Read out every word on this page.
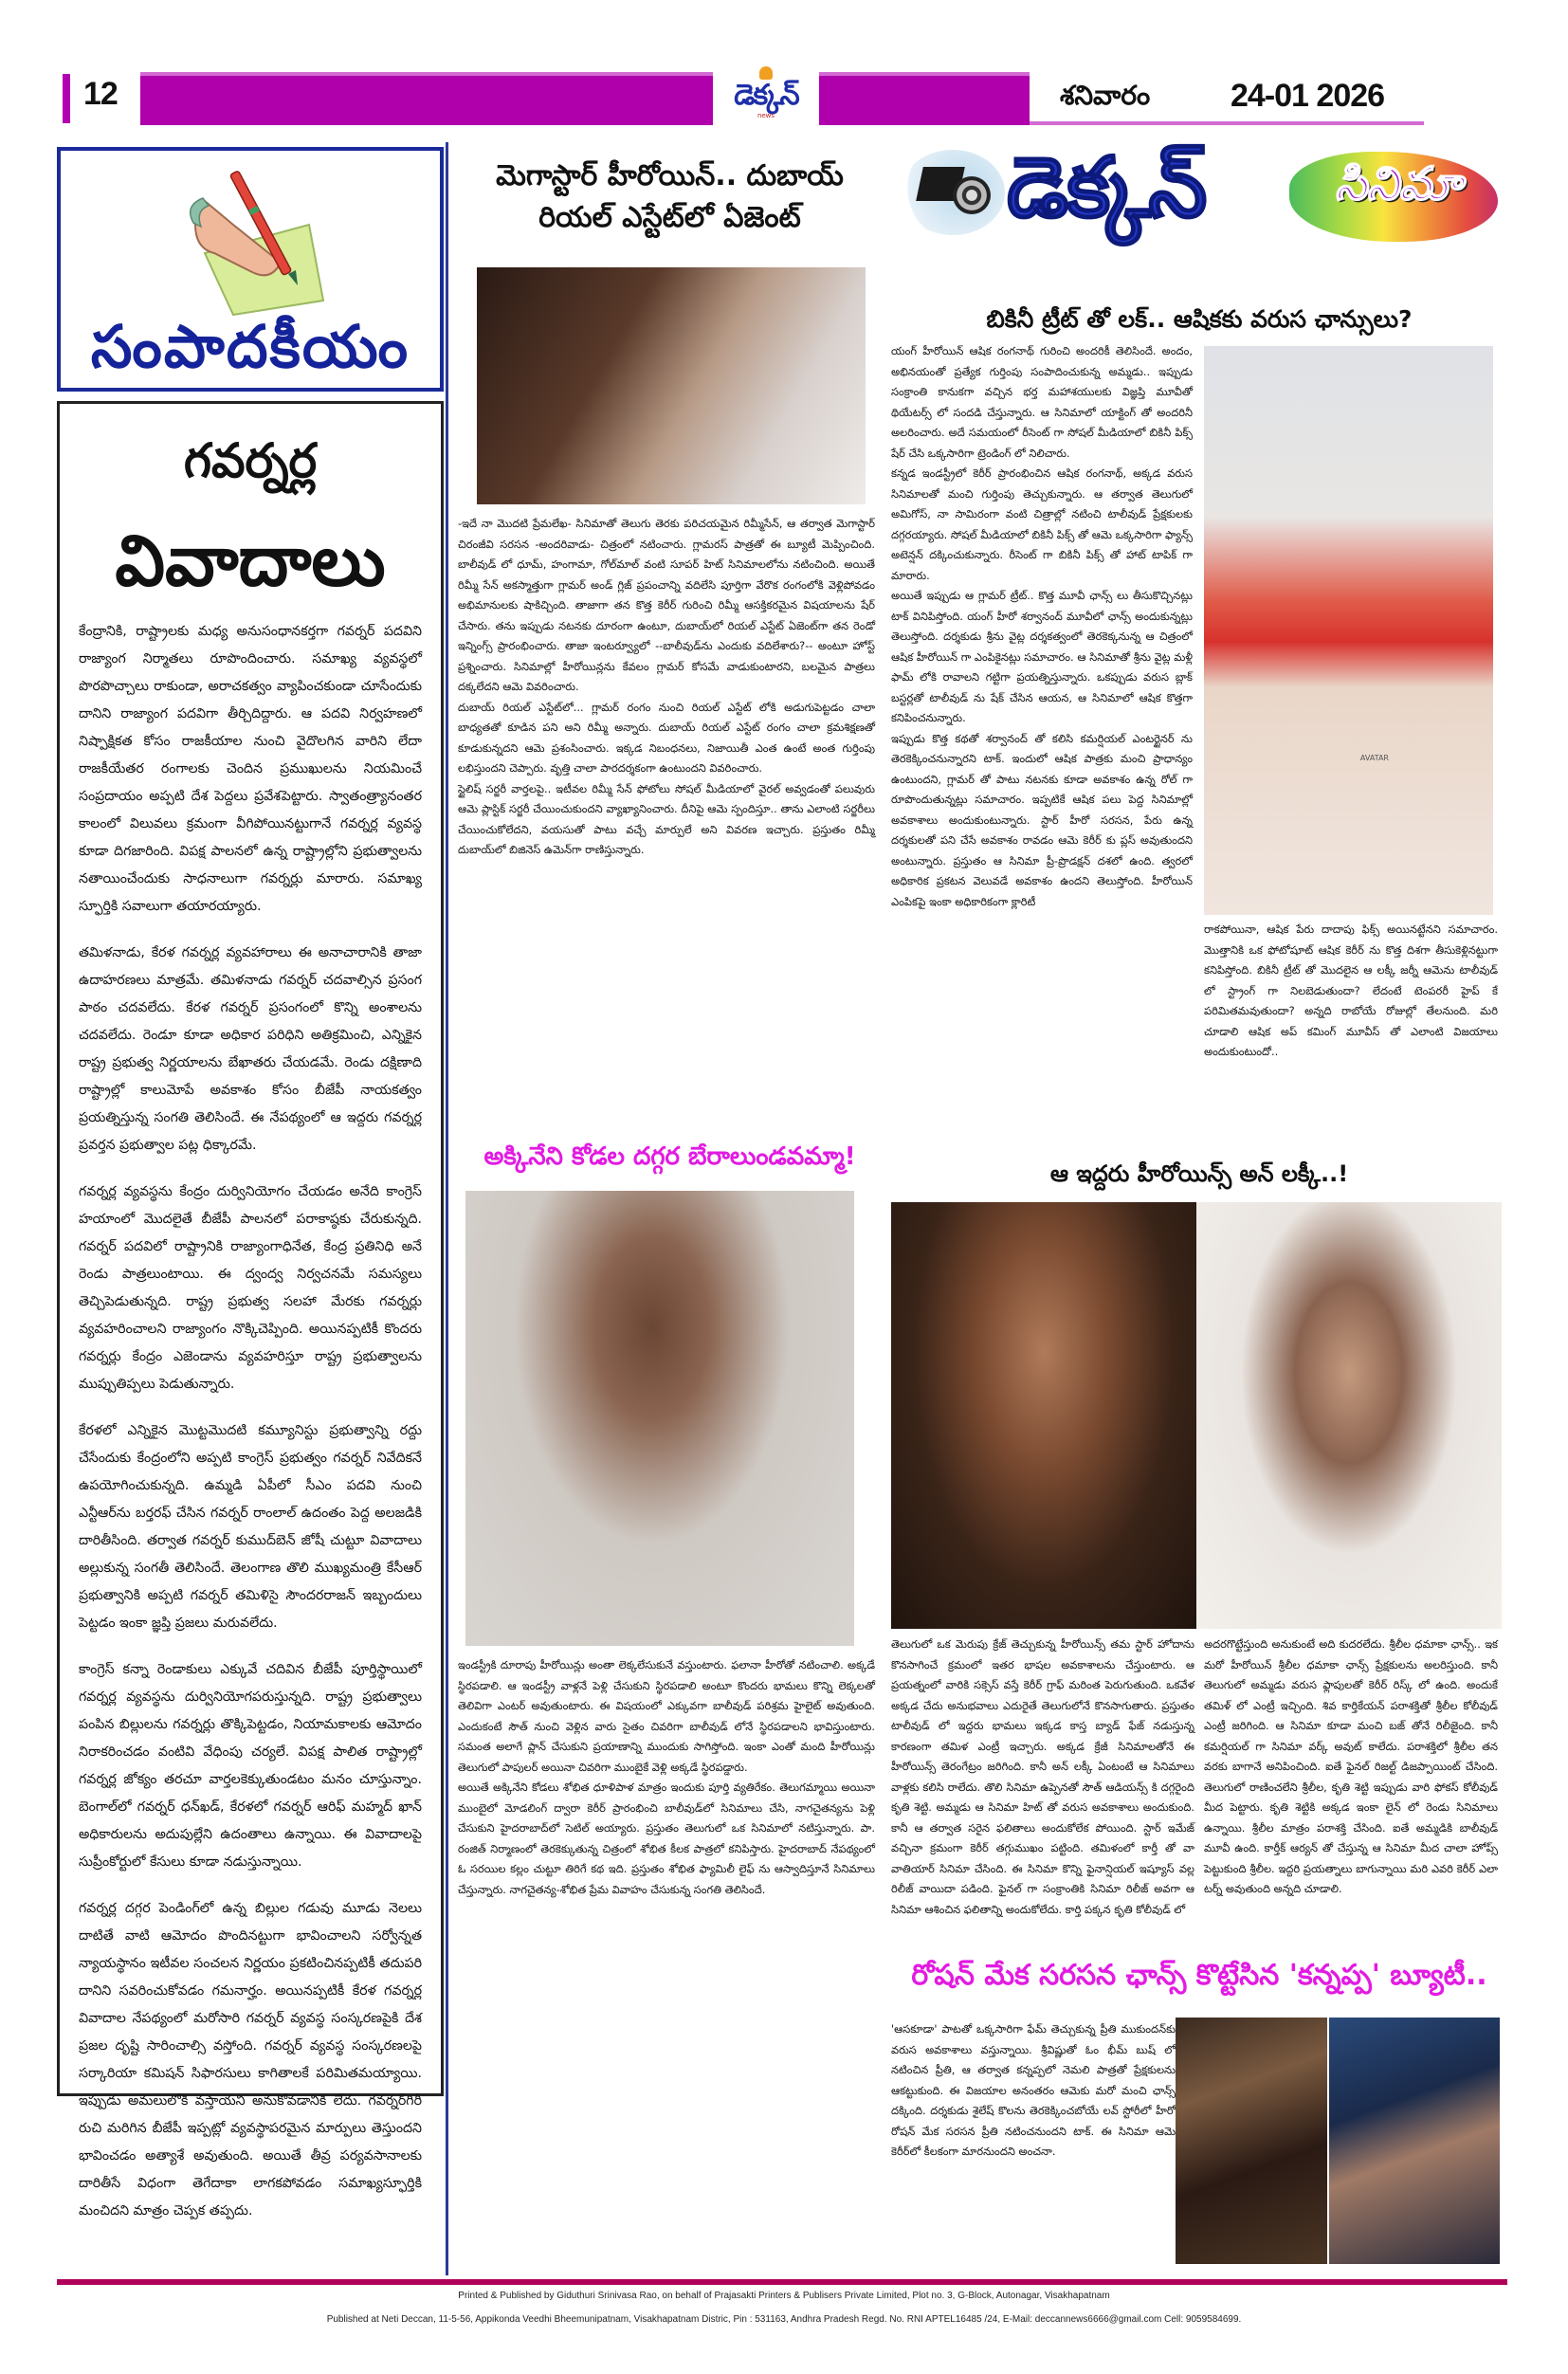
12	డెక్కన్
news
శనివారం 24-01 2026
సంపాదకీయం
గవర్నర్ల
వివాదాలు

కేంద్రానికి, రాష్ట్రాలకు మధ్య అనుసంధానకర్తగా గవర్నర్ పదవిని రాజ్యాంగ నిర్మాతలు రూపొందించారు. సమాఖ్య వ్యవస్థలో పొరపొచ్చాలు రాకుండా, అరాచకత్వం వ్యాపించకుండా చూసేందుకు దానిని రాజ్యాంగ పదవిగా తీర్చిదిద్దారు. ఆ పదవి నిర్వహణలో నిష్పాక్షికత కోసం రాజకీయాల నుంచి వైదొలగిన వారిని లేదా రాజకీయేతర రంగాలకు చెందిన ప్రముఖులను నియమించే సంప్రదాయం అప్పటి దేశ పెద్దలు ప్రవేశపెట్టారు. స్వాతంత్ర్యానంతర కాలంలో విలువలు క్రమంగా వీగిపోయినట్టుగానే గవర్నర్ల వ్యవస్థ కూడా దిగజారింది. విపక్ష పాలనలో ఉన్న రాష్ట్రాల్లోని ప్రభుత్వాలను నతాయించేందుకు సాధనాలుగా గవర్నర్లు మారారు. సమాఖ్య స్ఫూర్తికి సవాలుగా తయారయ్యారు.

తమిళనాడు, కేరళ గవర్నర్ల వ్యవహారాలు ఈ అనాచారానికి తాజా ఉదాహరణలు మాత్రమే. తమిళనాడు గవర్నర్ చదవాల్సిన ప్రసంగ పాఠం చదవలేదు. కేరళ గవర్నర్ ప్రసంగంలో కొన్ని అంశాలను చదవలేదు. రెండూ కూడా అధికార పరిధిని అతిక్రమించి, ఎన్నికైన రాష్ట్ర ప్రభుత్వ నిర్ణయాలను బేఖాతరు చేయడమే. రెండు దక్షిణాది రాష్ట్రాల్లో కాలుమోపే అవకాశం కోసం బీజేపీ నాయకత్వం ప్రయత్నిస్తున్న సంగతి తెలిసిందే. ఈ నేపథ్యంలో ఆ ఇద్దరు గవర్నర్ల ప్రవర్తన ప్రభుత్వాల పట్ల ధిక్కారమే.

గవర్నర్ల వ్యవస్థను కేంద్రం దుర్వినియోగం చేయడం అనేది కాంగ్రెస్ హయాంలో మొదలైతే బీజేపీ పాలనలో పరాకాష్ఠకు చేరుకున్నది. గవర్నర్ పదవిలో రాష్ట్రానికి రాజ్యాంగాధినేత, కేంద్ర ప్రతినిధి అనే రెండు పాత్రలుంటాయి. ఈ ద్వంద్వ నిర్వచనమే సమస్యలు తెచ్చిపెడుతున్నది. రాష్ట్ర ప్రభుత్వ సలహా మేరకు గవర్నర్లు వ్యవహరించాలని రాజ్యాంగం నొక్కిచెప్పింది. అయినప్పటికీ కొందరు గవర్నర్లు కేంద్రం ఎజెండాను వ్యవహరిస్తూ రాష్ట్ర ప్రభుత్వాలను ముప్పుతిప్పలు పెడుతున్నారు.

కేరళలో ఎన్నికైన మొట్టమొదటి కమ్యూనిస్టు ప్రభుత్వాన్ని రద్దు చేసేందుకు కేంద్రంలోని అప్పటి కాంగ్రెస్ ప్రభుత్వం గవర్నర్ నివేదికనే ఉపయోగించుకున్నది. ఉమ్మడి ఏపీలో సీఎం పదవి నుంచి ఎన్టీఆర్‌ను బర్తరఫ్ చేసిన గవర్నర్ రాంలాల్ ఉదంతం పెద్ద అలజడికి దారితీసింది. తర్వాత గవర్నర్ కుముద్‌బెన్ జోషీ చుట్టూ వివాదాలు అల్లుకున్న సంగతీ తెలిసిందే. తెలంగాణ తొలి ముఖ్యమంత్రి కేసీఆర్ ప్రభుత్వానికి అప్పటి గవర్నర్ తమిళిసై సౌందరరాజన్ ఇబ్బందులు పెట్టడం ఇంకా జ్ఞప్తి ప్రజలు మరువలేదు.

కాంగ్రెస్ కన్నా రెండాకులు ఎక్కువే చదివిన బీజేపీ పూర్తిస్థాయిలో గవర్నర్ల వ్యవస్థను దుర్వినియోగపరుస్తున్నది. రాష్ట్ర ప్రభుత్వాలు పంపిన బిల్లులను గవర్నర్లు తొక్కిపెట్టడం, నియామకాలకు ఆమోదం నిరాకరించడం వంటివి వేధింపు చర్యలే. విపక్ష పాలిత రాష్ట్రాల్లో గవర్నర్ల జోక్యం తరచూ వార్తలకెక్కుతుండటం మనం చూస్తున్నాం. బెంగాల్‌లో గవర్నర్ ధన్‌ఖడ్, కేరళలో గవర్నర్ ఆరిఫ్ మహ్మద్ ఖాన్ అధికారులను అదుపుల్లేని ఉదంతాలు ఉన్నాయి. ఈ వివాదాలపై సుప్రీంకోర్టులో కేసులు కూడా నడుస్తున్నాయి.

గవర్నర్ల దగ్గర పెండింగ్‌లో ఉన్న బిల్లుల గడువు మూడు నెలలు దాటితే వాటి ఆమోదం పొందినట్టుగా భావించాలని సర్వోన్నత న్యాయస్థానం ఇటీవల సంచలన నిర్ణయం ప్రకటించినప్పటికీ తదుపరి దానిని సవరించుకోవడం గమనార్హం. అయినప్పటికీ కేరళ గవర్నర్ల వివాదాల నేపథ్యంలో మరోసారి గవర్నర్ వ్యవస్థ సంస్కరణపైకి దేశ ప్రజల దృష్టి సారించాల్సి వస్తోంది. గవర్నర్ వ్యవస్థ సంస్కరణలపై సర్కారియా కమిషన్ సిఫారసులు కాగితాలకే పరిమితమయ్యాయి. ఇప్పుడు అమలులోకి వస్తాయని అనుకోవడానికి లేదు. గవర్నర్‌గిరీ రుచి మరిగిన బీజేపీ ఇప్పట్లో వ్యవస్థాపరమైన మార్పులు తెస్తుందని భావించడం అత్యాశే అవుతుంది. అయితే తీవ్ర పర్యవసానాలకు దారితీసే విధంగా తెగేదాకా లాగకపోవడం సమాఖ్యస్ఫూర్తికి మంచిదని మాత్రం చెప్పక తప్పదు.

మెగాస్టార్ హీరోయిన్.. దుబాయ్
రియల్ ఎస్టేట్‌లో ఏజెంట్

-ఇదే నా మొదటి ప్రేమలేఖ- సినిమాతో తెలుగు తెరకు పరిచయమైన రిమ్మీసేన్, ఆ తర్వాత మెగాస్టార్ చిరంజీవి సరసన -అందరివాడు- చిత్రంలో నటించారు. గ్లామరస్ పాత్రతో ఈ బ్యూటీ మెప్పించింది. బాలీవుడ్ లో ధూమ్, హంగామా, గోల్‌మాల్ వంటి సూపర్ హిట్ సినిమాలలోను నటించింది. అయితే రిమ్మీ సేన్ అకస్మాత్తుగా గ్లామర్ అండ్ గ్లిజ్ ప్రపంచాన్ని వదిలేసి పూర్తిగా వేరొక రంగంలోకి వెళ్లిపోవడం అభిమానులకు షాకిచ్చింది. తాజాగా తన కొత్త కెరీర్ గురించి రిమ్మీ ఆసక్తికరమైన విషయాలను షేర్ చేసారు. తను ఇప్పుడు నటనకు దూరంగా ఉంటూ, దుబాయ్‌లో రియల్ ఎస్టేట్ ఏజెంట్‌గా తన రెండో ఇన్నింగ్స్ ప్రారంభించారు. తాజా ఇంటర్వ్యూలో --బాలీవుడ్‌ను ఎందుకు వదిలేశారు?-- అంటూ హోస్ట్ ప్రశ్నించారు. సినిమాల్లో హీరోయిన్లను కేవలం గ్లామర్ కోసమే వాడుకుంటారని, బలమైన పాత్రలు దక్కలేదని ఆమె వివరించారు.

దుబాయ్ రియల్ ఎస్టేట్‌లో... గ్లామర్ రంగం నుంచి రియల్ ఎస్టేట్ లోకి అడుగుపెట్టడం చాలా బాధ్యతతో కూడిన పని అని రిమ్మీ అన్నారు. దుబాయ్ రియల్ ఎస్టేట్ రంగం చాలా క్రమశిక్షణతో కూడుకున్నదని ఆమె ప్రశంసించారు. ఇక్కడ నిబంధనలు, నిజాయితీ ఎంత ఉంటే అంత గుర్తింపు లభిస్తుందని చెప్పారు. వృత్తి చాలా పారదర్శకంగా ఉంటుందని వివరించారు.

స్టైలిష్ సర్జరీ వార్తలపై.. ఇటీవల రిమ్మీ సేన్ ఫోటోలు సోషల్ మీడియాలో వైరల్ అవ్వడంతో పలువురు ఆమె ప్లాస్టిక్ సర్జరీ చేయించుకుందని వ్యాఖ్యానించారు. దీనిపై ఆమె స్పందిస్తూ.. తాను ఎలాంటి సర్జరీలు చేయించుకోలేదని, వయసుతో పాటు వచ్చే మార్పులే అని వివరణ ఇచ్చారు. ప్రస్తుతం రిమ్మీ దుబాయ్‌లో బిజినెస్ ఉమెన్‌గా రాణిస్తున్నారు.

అక్కినేని కోడల దగ్గర బేరాలుండవమ్మా!

ఇండస్ట్రీకి దూరాపు హీరోయిన్లు అంతా లెక్కలేసుకునే వస్తుంటారు. ఫలానా హీరోతో నటించాలి. అక్కడే స్థిరపడాలి. ఆ ఇండస్ట్రీ వాళ్లనే పెళ్లి చేసుకుని స్థిరపడాలి అంటూ కొందరు భామలు కొన్ని లెక్కలతో తెలివిగా ఎంటర్ అవుతుంటారు. ఈ విషయంలో ఎక్కువగా బాలీవుడ్ పరిశ్రమ హైలైట్ అవుతుంది. ఎందుకంటే సౌత్ నుంచి వెళ్లిన వారు సైతం చివరిగా బాలీవుడ్ లోనే స్థిరపడాలని భావిస్తుంటారు. సమంత అలాగే ప్లాన్ చేసుకుని ప్రయాణాన్ని ముందుకు సాగిస్తోంది. ఇంకా ఎంతో మంది హీరోయిన్లు తెలుగులో పాపులర్ అయినా చివరిగా ముంబైకే వెళ్లి అక్కడే స్థిరపడ్డారు.

అయితే అక్కినేని కోడలు శోభిత ధూళిపాళ మాత్రం ఇందుకు పూర్తి వ్యతిరేకం. తెలుగమ్మాయి అయినా ముంబైలో మోడలింగ్ ద్వారా కెరీర్ ప్రారంభించి బాలీవుడ్‌లో సినిమాలు చేసి, నాగచైతన్యను పెళ్లి చేసుకుని హైదరాబాద్‌లో సెటిల్ అయ్యారు. ప్రస్తుతం తెలుగులో ఒక సినిమాలో నటిస్తున్నారు. పా. రంజిత్ నిర్మాణంలో తెరకెక్కుతున్న చిత్రంలో శోభిత కీలక పాత్రలో కనిపిస్తారు. హైదరాబాద్ నేపథ్యంలో ఓ సరయిల కల్లం చుట్టూ తిరిగే కథ ఇది. ప్రస్తుతం శోభిత ఫ్యామిలీ లైఫ్ ను ఆస్వాదిస్తూనే సినిమాలు చేస్తున్నారు. నాగచైతన్య-శోభిత ప్రేమ వివాహం చేసుకున్న సంగతి తెలిసిందే.

డెక్కన్	సినిమా
బికినీ ట్రీట్ తో లక్.. ఆషికకు వరుస ఛాన్సులు?

యంగ్ హీరోయిన్ ఆషిక రంగనాథ్ గురించి అందరికీ తెలిసిందే. అందం, అభినయంతో ప్రత్యేక గుర్తింపు సంపాదించుకున్న అమ్మడు.. ఇప్పుడు సంక్రాంతి కానుకగా వచ్చిన భర్త మహాశయులకు విజ్ఞప్తి మూవీతో థియేటర్స్ లో సందడి చేస్తున్నారు. ఆ సినిమాలో యాక్టింగ్ తో అందరినీ అలరించారు. అదే సమయంలో రీసెంట్ గా సోషల్ మీడియాలో బికినీ పిక్స్ షేర్ చేసి ఒక్కసారిగా ట్రెండింగ్ లో నిలిచారు.

కన్నడ ఇండస్ట్రీలో కెరీర్ ప్రారంభించిన ఆషిక రంగనాథ్, అక్కడ వరుస సినిమాలతో మంచి గుర్తింపు తెచ్చుకున్నారు. ఆ తర్వాత తెలుగులో అమిగోస్, నా సామిరంగా వంటి చిత్రాల్లో నటించి టాలీవుడ్ ప్రేక్షకులకు దగ్గరయ్యారు. సోషల్ మీడియాలో బికినీ పిక్స్ తో ఆమె ఒక్కసారిగా ఫ్యాన్స్ అటెన్షన్ దక్కించుకున్నారు. రీసెంట్ గా బికినీ పిక్స్ తో హాట్ టాపిక్ గా మారారు.

అయితే ఇప్పుడు ఆ గ్లామర్ ట్రీట్.. కొత్త మూవీ ఛాన్స్ లు తీసుకొచ్చినట్లు టాక్ వినిపిస్తోంది. యంగ్ హీరో శర్వానంద్ మూవీలో ఛాన్స్ అందుకున్నట్లు తెలుస్తోంది. దర్శకుడు శ్రీను వైట్ల దర్శకత్వంలో తెరకెక్కనున్న ఆ చిత్రంలో ఆషిక హీరోయిన్ గా ఎంపికైనట్లు సమాచారం. ఆ సినిమాతో శ్రీను వైట్ల మళ్లీ ఫామ్ లోకి రావాలని గట్టిగా ప్రయత్నిస్తున్నారు. ఒకప్పుడు వరుస బ్లాక్ బస్టర్లతో టాలీవుడ్ ను షేక్ చేసిన ఆయన, ఆ సినిమాలో ఆషిక కొత్తగా కనిపించనున్నారు.

ఇప్పుడు కొత్త కథతో శర్వానంద్ తో కలిసి కమర్షియల్ ఎంటర్టైనర్ ను తెరకెక్కించనున్నారని టాక్. ఇందులో ఆషిక పాత్రకు మంచి ప్రాధాన్యం ఉంటుందని, గ్లామర్ తో పాటు నటనకు కూడా అవకాశం ఉన్న రోల్ గా రూపొందుతున్నట్లు సమాచారం. ఇప్పటికే ఆషిక పలు పెద్ద సినిమాల్లో అవకాశాలు అందుకుంటున్నారు. స్టార్ హీరో సరసన, పేరు ఉన్న దర్శకులతో పని చేసే అవకాశం రావడం ఆమె కెరీర్ కు ప్లస్ అవుతుందని అంటున్నారు. ప్రస్తుతం ఆ సినిమా ప్రీ-ప్రొడక్షన్ దశలో ఉంది. త్వరలో అధికారిక ప్రకటన వెలువడే అవకాశం ఉందని తెలుస్తోంది. హీరోయిన్ ఎంపికపై ఇంకా అధికారికంగా క్లారిటీ

AVATAR

రాకపోయినా, ఆషిక పేరు దాదాపు ఫిక్స్ అయినట్టేనని సమాచారం. మొత్తానికి ఒక ఫోటోషూట్ ఆషిక కెరీర్ ను కొత్త దిశగా తీసుకెళ్లినట్టుగా కనిపిస్తోంది. బికినీ ట్రీట్ తో మొదలైన ఆ లక్కీ జర్నీ ఆమెను టాలీవుడ్ లో స్ట్రాంగ్ గా నిలబెడుతుందా? లేదంటే టెంపరరీ హైప్ కే పరిమితమవుతుందా? అన్నది రాబోయే రోజుల్లో తేలనుంది. మరి చూడాలి ఆషిక అప్ కమింగ్ మూవీస్ తో ఎలాంటి విజయాలు అందుకుంటుందో..

ఆ ఇద్దరు హీరోయిన్స్ అన్ లక్కీ..!

తెలుగులో ఒక మెరుపు క్రేజ్ తెచ్చుకున్న హీరోయిన్స్ తమ స్టార్ హోదాను కొనసాగించే క్రమంలో ఇతర భాషల అవకాశాలను చేస్తుంటారు. ఆ ప్రయత్నంలో వారికి సక్సెస్ వస్తే కెరీర్ గ్రాఫ్ మరింత పెరుగుతుంది. ఒకవేళ అక్కడ చేదు అనుభవాలు ఎదురైతే తెలుగులోనే కొనసాగుతారు. ప్రస్తుతం టాలీవుడ్ లో ఇద్దరు భామలు ఇక్కడ కాస్త బ్యాడ్ ఫేజ్ నడుస్తున్న కారణంగా తమిళ ఎంట్రీ ఇచ్చారు. అక్కడ క్రేజీ సినిమాలతోనే ఈ హీరోయిన్స్ తెరంగేట్రం జరిగింది. కానీ అన్ లక్కీ ఏంటంటే ఆ సినిమాలు వాళ్లకు కలిసి రాలేదు. తొలి సినిమా ఉప్పెనతో సౌత్ ఆడియన్స్ కి దగ్గరైంది కృతి శెట్టి. అమ్మడు ఆ సినిమా హిట్ తో వరుస అవకాశాలు అందుకుంది. కానీ ఆ తర్వాత సరైన ఫలితాలు అందుకోలేక పోయింది. స్టార్ ఇమేజ్ వచ్చినా క్రమంగా కెరీర్ తగ్గుముఖం పట్టింది. తమిళంలో కార్తీ తో వా వాతియార్ సినిమా చేసింది. ఈ సినిమా కొన్ని ఫైనాన్షియల్ ఇష్యూస్ వల్ల రిలీజ్ వాయిదా పడింది. ఫైనల్ గా సంక్రాంతికి సినిమా రిలీజ్ అవగా ఆ సినిమా ఆశించిన ఫలితాన్ని అందుకోలేదు. కార్తి పక్కన కృతి కోలీవుడ్ లో

అదరగొట్టేస్తుంది అనుకుంటే అది కుదరలేదు. శ్రీలీల ధమాకా ఛాన్స్.. ఇక మరో హీరోయిన్ శ్రీలీల ధమాకా ఛాన్స్ ప్రేక్షకులను అలరిస్తుంది. కానీ తెలుగులో అమ్మడు వరుస ఫ్లాపులతో కెరీర్ రిస్క్ లో ఉంది. అందుకే తమిళ్ లో ఎంట్రీ ఇచ్చింది. శివ కార్తికేయన్ పరాశక్తితో శ్రీలీల కోలీవుడ్ ఎంట్రీ జరిగింది. ఆ సినిమా కూడా మంచి బజ్ తోనే రిలీజైంది. కానీ కమర్షియల్ గా సినిమా వర్క్ అవుట్ కాలేదు. పరాశక్తిలో శ్రీలీల తన వరకు బాగానే అనిపించింది. ఐతే ఫైనల్ రిజల్ట్ డిజప్పాయింట్ చేసింది. తెలుగులో రాణించలేని శ్రీలీల, కృతి శెట్టి ఇప్పుడు వారి ఫోకస్ కోలీవుడ్ మీద పెట్టారు. కృతి శెట్టికి అక్కడ ఇంకా లైన్ లో రెండు సినిమాలు ఉన్నాయి. శ్రీలీల మాత్రం పరాశక్తి చేసింది. ఐతే అమ్మడికి బాలీవుడ్ మూవీ ఉంది. కార్తీక్ ఆర్యన్ తో చేస్తున్న ఆ సినిమా మీద చాలా హోప్స్ పెట్టుకుంది శ్రీలీల. ఇద్దరి ప్రయత్నాలు బాగున్నాయి మరి ఎవరి కెరీర్ ఎలా టర్న్ అవుతుంది అన్నది చూడాలి.

రోషన్ మేక సరసన ఛాన్స్ కొట్టేసిన 'కన్నప్ప' బ్యూటీ..

'ఆసకూడా' పాటతో ఒక్కసారిగా ఫేమ్ తెచ్చుకున్న ప్రీతి ముకుందన్‌కు వరుస అవకాశాలు వస్తున్నాయి. శ్రీవిష్ణుతో ఓం భీమ్ బుష్ లో నటించిన ప్రీతి, ఆ తర్వాత కన్నప్పలో నెమలి పాత్రతో ప్రేక్షకులను ఆకట్టుకుంది. ఈ విజయాల అనంతరం ఆమెకు మరో మంచి ఛాన్స్ దక్కింది. దర్శకుడు శైలేష్ కొలను తెరకెక్కించబోయే లవ్ స్టోరీలో హీరో రోషన్ మేక సరసన ప్రీతి నటించనుందని టాక్. ఈ సినిమా ఆమె కెరీర్‌లో కీలకంగా మారనుందని అంచనా.

Printed & Published by Giduthuri Srinivasa Rao, on behalf of Prajasakti Printers & Publisers Private Limited, Plot no. 3, G-Block, Autonagar, Visakhapatnam
Published at Neti Deccan, 11-5-56, Appikonda Veedhi Bheemunipatnam, Visakhapatnam Distric, Pin : 531163, Andhra Pradesh Regd. No. RNI APTEL16485 /24, E-Mail: deccannews6666@gmail.com Cell: 9059584699.
